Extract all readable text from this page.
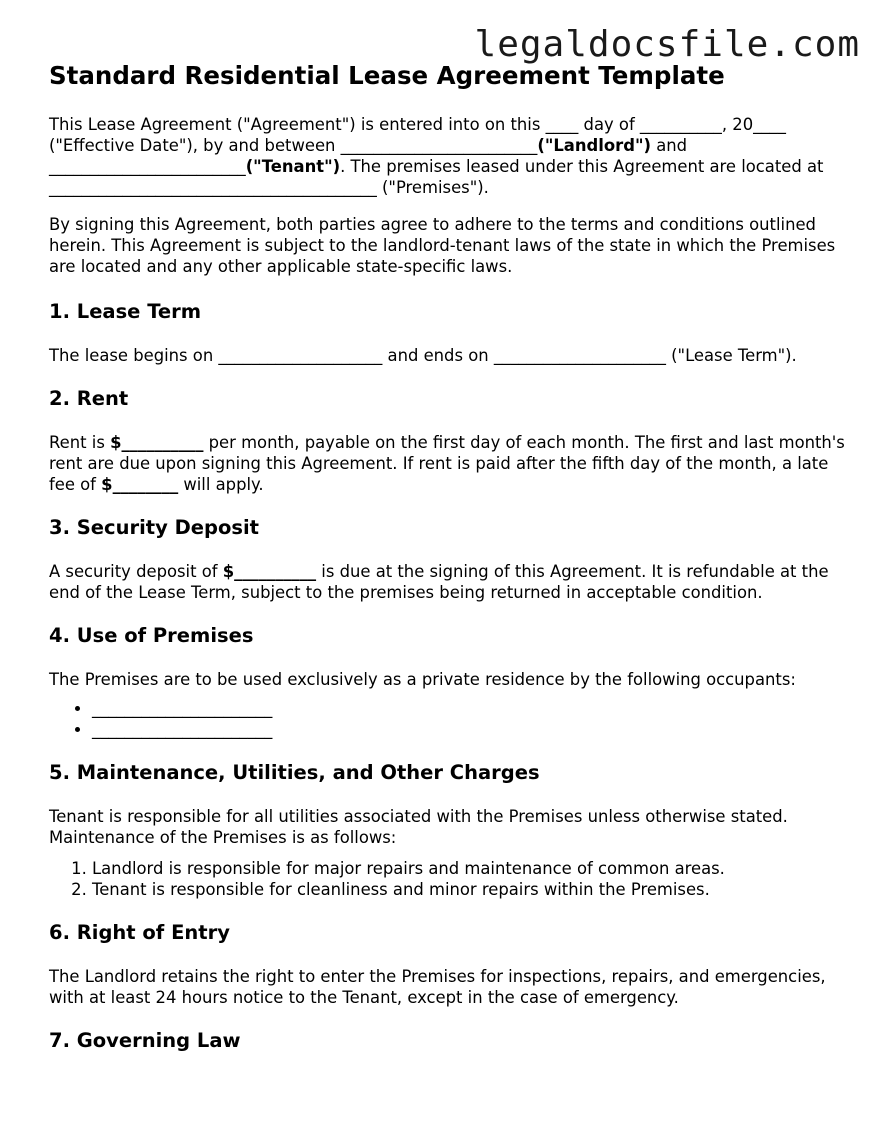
legaldocsfile.com
Standard Residential Lease Agreement Template

This Lease Agreement ("Agreement") is entered into on this ____ day of __________, 20____ ("Effective Date"), by and between ________________________("Landlord") and ________________________("Tenant"). The premises leased under this Agreement are located at ________________________________________ ("Premises").

By signing this Agreement, both parties agree to adhere to the terms and conditions outlined herein. This Agreement is subject to the landlord-tenant laws of the state in which the Premises are located and any other applicable state-specific laws.

1. Lease Term

The lease begins on ____________________ and ends on _____________________ ("Lease Term").

2. Rent

Rent is $__________ per month, payable on the first day of each month. The first and last month's rent are due upon signing this Agreement. If rent is paid after the fifth day of the month, a late fee of $________ will apply.

3. Security Deposit

A security deposit of $__________ is due at the signing of this Agreement. It is refundable at the end of the Lease Term, subject to the premises being returned in acceptable condition.

4. Use of Premises

The Premises are to be used exclusively as a private residence by the following occupants:

• ______________________
• ______________________
5. Maintenance, Utilities, and Other Charges

Tenant is responsible for all utilities associated with the Premises unless otherwise stated. Maintenance of the Premises is as follows:

1. Landlord is responsible for major repairs and maintenance of common areas.
2. Tenant is responsible for cleanliness and minor repairs within the Premises.
6. Right of Entry

The Landlord retains the right to enter the Premises for inspections, repairs, and emergencies, with at least 24 hours notice to the Tenant, except in the case of emergency.

7. Governing Law
